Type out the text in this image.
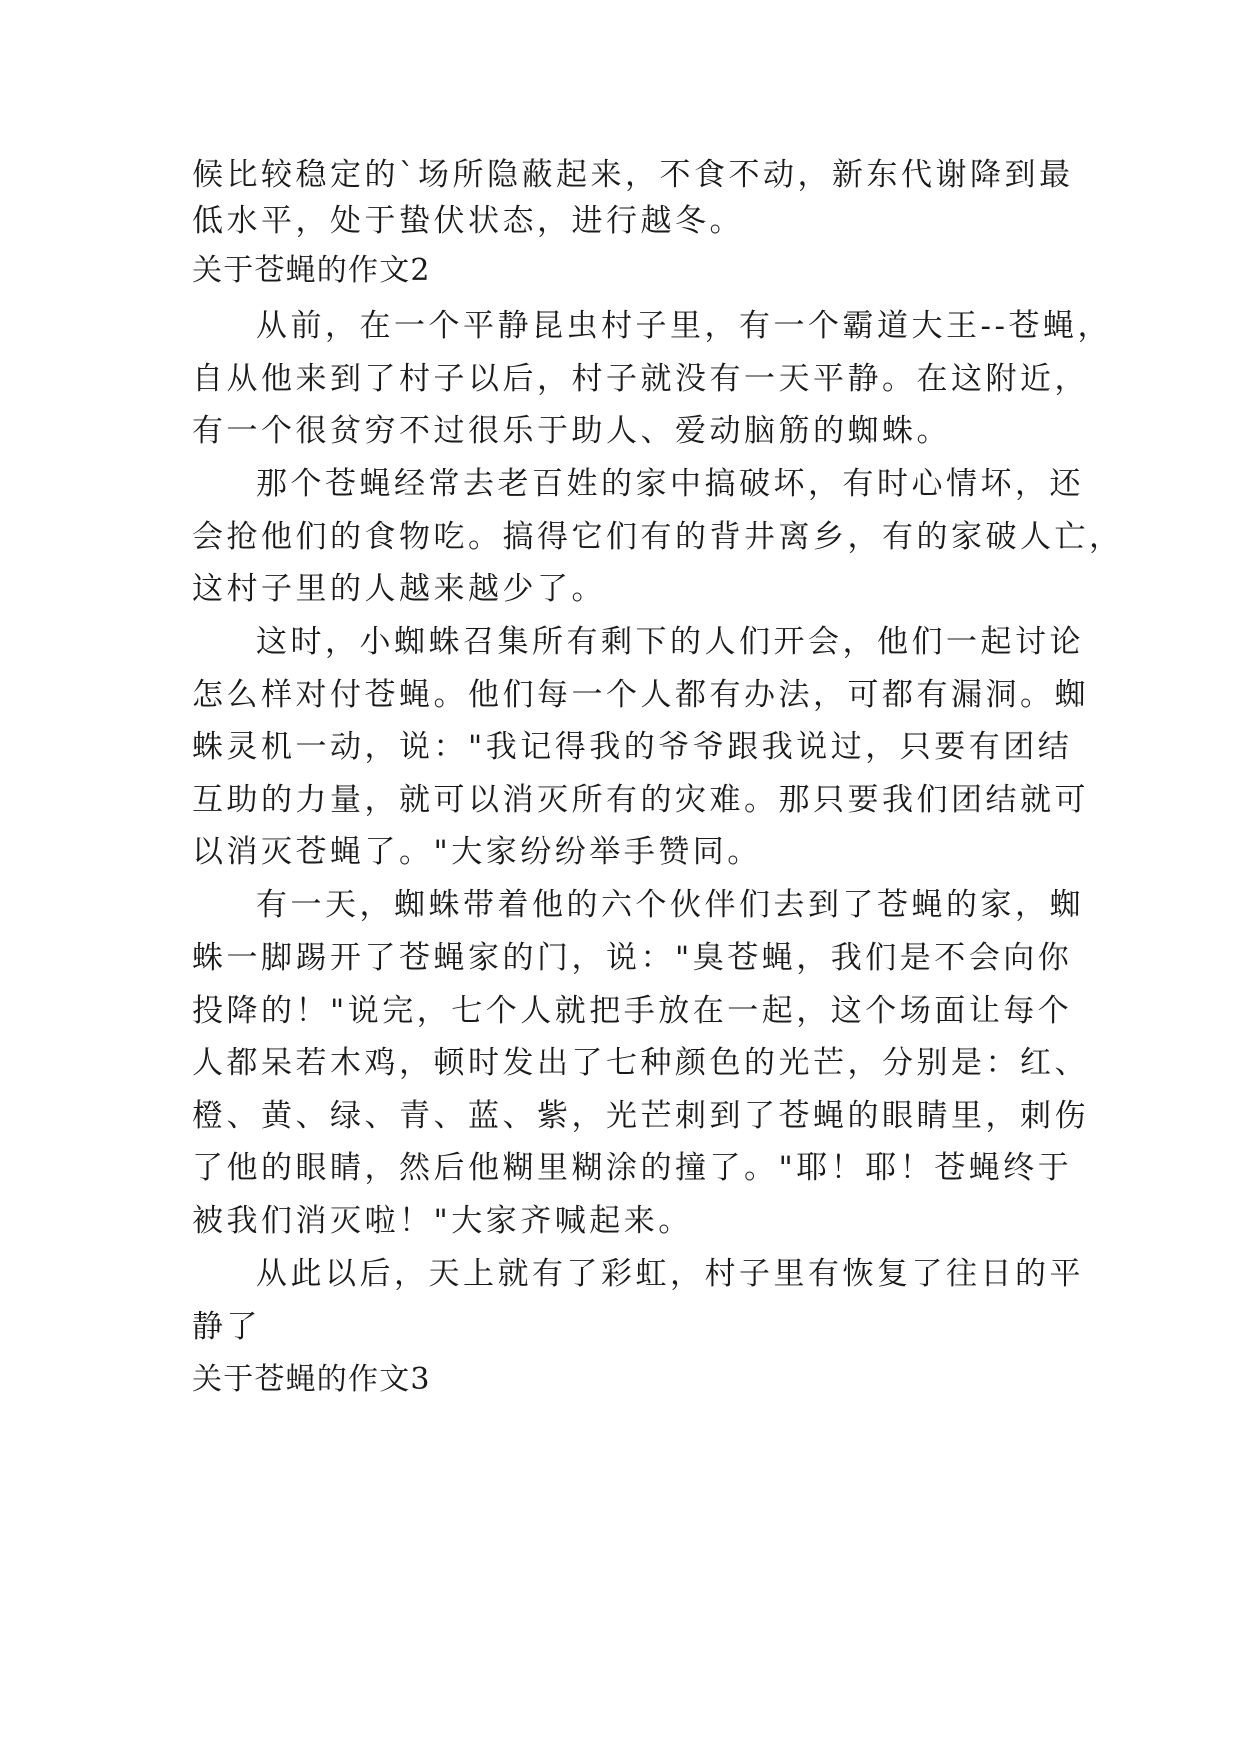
候比较稳定的`场所隐蔽起来，不食不动，新东代谢降到最
低水平，处于蛰伏状态，进行越冬。
关于苍蝇的作文2
从前，在一个平静昆虫村子里，有一个霸道大王--苍蝇，
自从他来到了村子以后，村子就没有一天平静。在这附近，
有一个很贫穷不过很乐于助人、爱动脑筋的蜘蛛。
那个苍蝇经常去老百姓的家中搞破坏，有时心情坏，还
会抢他们的食物吃。搞得它们有的背井离乡，有的家破人亡，
这村子里的人越来越少了。
这时，小蜘蛛召集所有剩下的人们开会，他们一起讨论
怎么样对付苍蝇。他们每一个人都有办法，可都有漏洞。蜘
蛛灵机一动，说："我记得我的爷爷跟我说过，只要有团结
互助的力量，就可以消灭所有的灾难。那只要我们团结就可
以消灭苍蝇了。"大家纷纷举手赞同。
有一天，蜘蛛带着他的六个伙伴们去到了苍蝇的家，蜘
蛛一脚踢开了苍蝇家的门，说："臭苍蝇，我们是不会向你
投降的！"说完，七个人就把手放在一起，这个场面让每个
人都呆若木鸡，顿时发出了七种颜色的光芒，分别是：红、
橙、黄、绿、青、蓝、紫，光芒刺到了苍蝇的眼睛里，刺伤
了他的眼睛，然后他糊里糊涂的撞了。"耶！耶！苍蝇终于
被我们消灭啦！"大家齐喊起来。
从此以后，天上就有了彩虹，村子里有恢复了往日的平
静了
关于苍蝇的作文3
